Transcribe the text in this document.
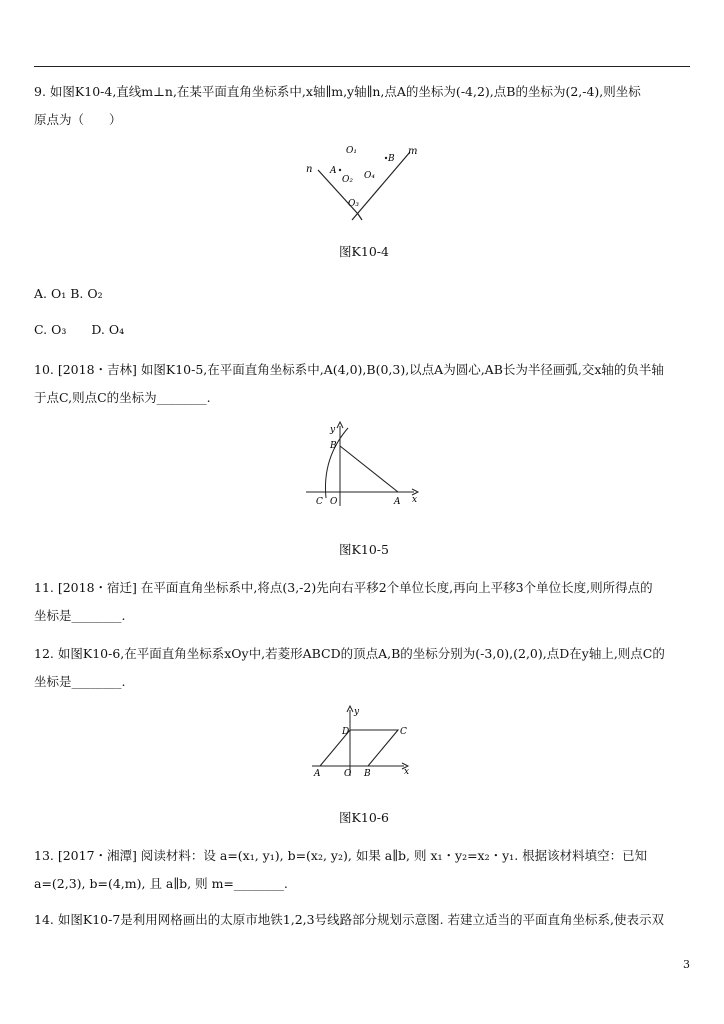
9. 如图K10-4,直线m⊥n,在某平面直角坐标系中,x轴∥m,y轴∥n,点A的坐标为(-4,2),点B的坐标为(2,-4),则坐标

原点为（　　）

n
m
A
B
O₁
O₂ O₄
O₃
图K10-4

A. O₁ B. O₂

C. O₃　　D. O₄

10. [2018・吉林] 如图K10-5,在平面直角坐标系中,A(4,0),B(0,3),以点A为圆心,AB长为半径画弧,交x轴的负半轴

于点C,则点C的坐标为________.

y
x
B
C O	A
图K10-5

11. [2018・宿迁] 在平面直角坐标系中,将点(3,-2)先向右平移2个单位长度,再向上平移3个单位长度,则所得点的

坐标是________.

12. 如图K10-6,在平面直角坐标系xOy中,若菱形ABCD的顶点A,B的坐标分别为(-3,0),(2,0),点D在y轴上,则点C的

坐标是________.

y
x
D	C
A	O B
图K10-6

13. [2017・湘潭] 阅读材料：设 a=(x₁, y₁), b=(x₂, y₂), 如果 a∥b, 则 x₁・y₂=x₂・y₁. 根据该材料填空：已知

a=(2,3), b=(4,m), 且 a∥b, 则 m=________.

14. 如图K10-7是利用网格画出的太原市地铁1,2,3号线路部分规划示意图. 若建立适当的平面直角坐标系,使表示双

3
